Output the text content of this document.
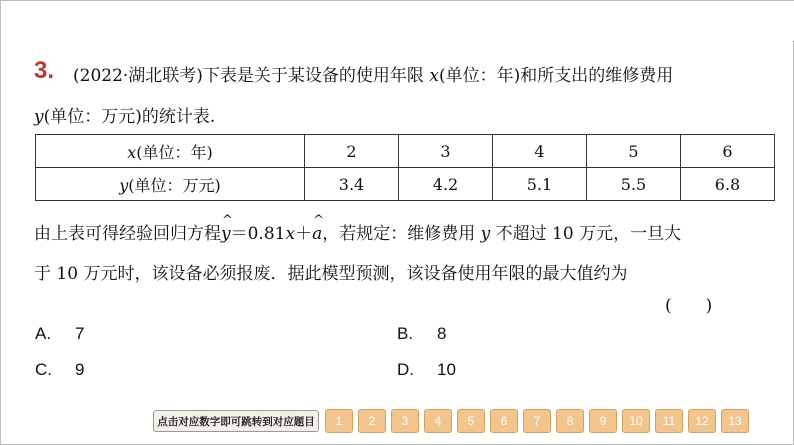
3. (2022·湖北联考)下表是关于某设备的使用年限 x(单位：年)和所支出的维修费用
y(单位：万元)的统计表.
x(单位：年)	2	3	4	5	6
y(单位：万元)	3.4	4.2	5.1	5.5	6.8
由上表可得经验回归方程
^
y＝0.81x＋
^
a，若规定：维修费用 y 不超过 10 万元，一旦大
于 10 万元时，该设备必须报废．据此模型预测，该设备使用年限的最大值约为
(　　)
A. 7	B. 8
C. 9	D. 10
点击对应数字即可跳转到对应题目	1	2	3	4	5	6	7	8	9	10	11	12	13
